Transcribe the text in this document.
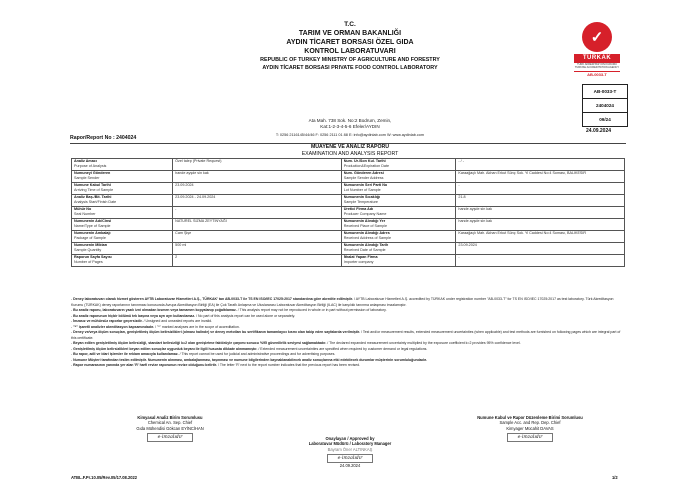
T.C.
TARIM VE ORMAN BAKANLIĞI
AYDIN TİCARET BORSASI ÖZEL GIDA
KONTROL LABORATUVARI
REPUBLIC OF TURKEY MINISTRY OF AGRICULTURE AND FORESTRY
AYDIN TİCARET BORSASI PRIVATE FOOD CONTROL LABORATORY
Ata Mah. 738 Sok. No:2 Bodrum, Zemin,
Kat:1-2-3-4-5-6 Efeler/AYDIN
T: 0256 2116145/44/46 F: 0256 2111 01 88 E: info@aydinlab.com W: www.aydinlab.com
✓
TÜRKAK
TÜRK AKREDİTASYON KURUMU
TURKISH ACCREDITATION AGENCY
AB-0033-T
AB-0033-T
2404024
09/24
24.09.2024
Rapor/Report No : 2404024
MUAYENE VE ANALİZ RAPORU
EXAMINATION AND ANALYSIS REPORT
Analiz Amacı
Purpose of Analysis	Özel talep (Private Request)	Num. Ür./Son Kul. Tarihi
Production&Expiration Date	- / -

Numuneyi Gönderen
Sample Sender	hande ayşde sin kak	Num. Gönderen Adresi
Sample Sender Address	Karaağaçlı Mah. Akhan Erkut Sünç Sok. Yi Caddesi No:4 Soması, BALIKESİR

Numune Kabul Tarihi
Arriving Time of Sample	23.09.2024	Numunenin Seri Parti No
Lot Number of Sample	-

Analiz Baş./Bit. Tarihi
Analysis Start/Finish Date	23.09.2024 - 24.09.2024	Numunenin Sıcaklığı
Sample Temperature	21.8

Mühür No
Seal Number	-	Üretici Firma Adı
Producer Company Name	hande ayşde sin kak

Numunenin Adı/Cinsi
Name/Type of Sample	NATUREL SIZMA ZEYTİNYAĞI	Numunenin Alındığı Yer
Received Place of Sample	hande ayşde sin kak

Numunenin Ambalajı
Package of Sample	Cam Şişe	Numunenin Alındığı Adres
Received Address of Sample	Karaağaçlı Mah. Akhan Erkut Sünç Sok. Yi Caddesi No:4 Soması, BALIKESİR

Numunenin Miktarı
Sample Quantity	500 ml	Numunenin Alındığı Tarih
Received Date of Sample	23.09.2024

Raporun Sayfa Sayısı
Number of Pages	2	İthalat Yapan Firma
Importer company	-

- Deney laboratuvarı olarak hizmet gösteren AYTB Laboratuvar Hizmetleri A.Ş., TÜRKAK' tan AB-0033-T ile TS EN ISO/IEC 17025:2017 standardına göre akredite edilmiştir. / AYTB Laboratuvar Hizmetleri A.Ş. accredited by TÜRKAK under registration number "AB-0033-T" for TS EN ISO/IEC 17025:2017 as test laboratory. Türk Akreditasyon Kurumu (TÜRKAK) deney raporlarının tanınması konusunda Avrupa Akreditasyon Birliği (EA) ile Çok Taraflı Anlaşma ve Uluslararası Laboratuvar Akreditasyon Birliği (ILAC) ile karşılıklı tanınma anlaşması imzalamıştır.

- Bu analiz raporu, laboratuvarın yazılı izni olmadan kısmen veya tamamen kopyalanıp çoğaltılamaz. / This analysis report may not be reproduced in whole or in part without permission of laboratory.

- Bu analiz raporunun hiçbir bölümü tek başına veya ayrı ayrı kullanılamaz. / No part of this analysis report can be used alone or separately.

- İmzasız ve mühürsüz raporlar geçersizdir. / Unsigned and unsealed reports are invalid.

- "*" işaretli analizler akreditasyon kapsamındadır. / "*" marked analyses are in the scope of accreditation.

- Deney ve/veya ölçüm sonuçları, genişletilmiş ölçüm belirsizlikleri (olması halinde) ve deney metotları bu sertifikanın tamamlayıcı kısmı olan takip eden sayfalarda verilmiştir. / Test and/or measurement results, extended measurement uncertainties (when applicable) and test methods are furnished on following pages which are integral part of this certificate.

- Beyan edilen genişletilmiş ölçüm belirsizliği, standart belirsizliği k=2 olan genişletme faktörüyle çarpımı sonucu %95 güvenilirlik seviyesi sağlamaktadır. / The declared expanded measurement uncertainty multiplied by the exposure coefficient k=2 provides 95% confidence level.

- Genişletilmiş ölçüm belirsizlikleri beyan edilen sonuçlar uygunluk beyanı ile ilgili hususta dikkate alınmamıştır. / Extended measurement uncertainties are specified when required by customer demand or legal regulations.

- Bu rapor, adli ve idari işlemler ile reklam amacıyla kullanılamaz. / This report cannot be used for judicial and administrative proceedings and for advertising purposes.

- Numune Müşteri tarafından teslim edilmiştir. Numunenin alınması, ambalajlanması, taşınması ve numune bilgilerinden kaynaklanabilecek analiz sonuçlarına etki edebilecek durumlar müşterinin sorumluluğundadır.

- Rapor numarasının yanında yer alan 'R' harfi revize raporunun revize olduğunu belirtir. / The letter 'R' next to the report number indicates that the previous report has been revised.

Kimyasal Analiz Birim Sorumlusu
Chemical An. Sep. Chief
Gıda Mühendisi Gökcan EYİNCİHAN
e-imzalıdır
Numune Kabul ve Rapor Düzenleme Birimi Sorumlusu
Sample Acc. and Rep. Dep. Chief
Kimyager Mücahit DAVAS
e-imzalıdır
Onaylayan / Approved by
Laboratuvar Müdürü / Laboratory Manager
Bayram Öner ALTINKAŞ
e-imzalıdır
24.09.2024
ATBL.F.Pr.10.05/Rev.05/17.08.2022	1/2
